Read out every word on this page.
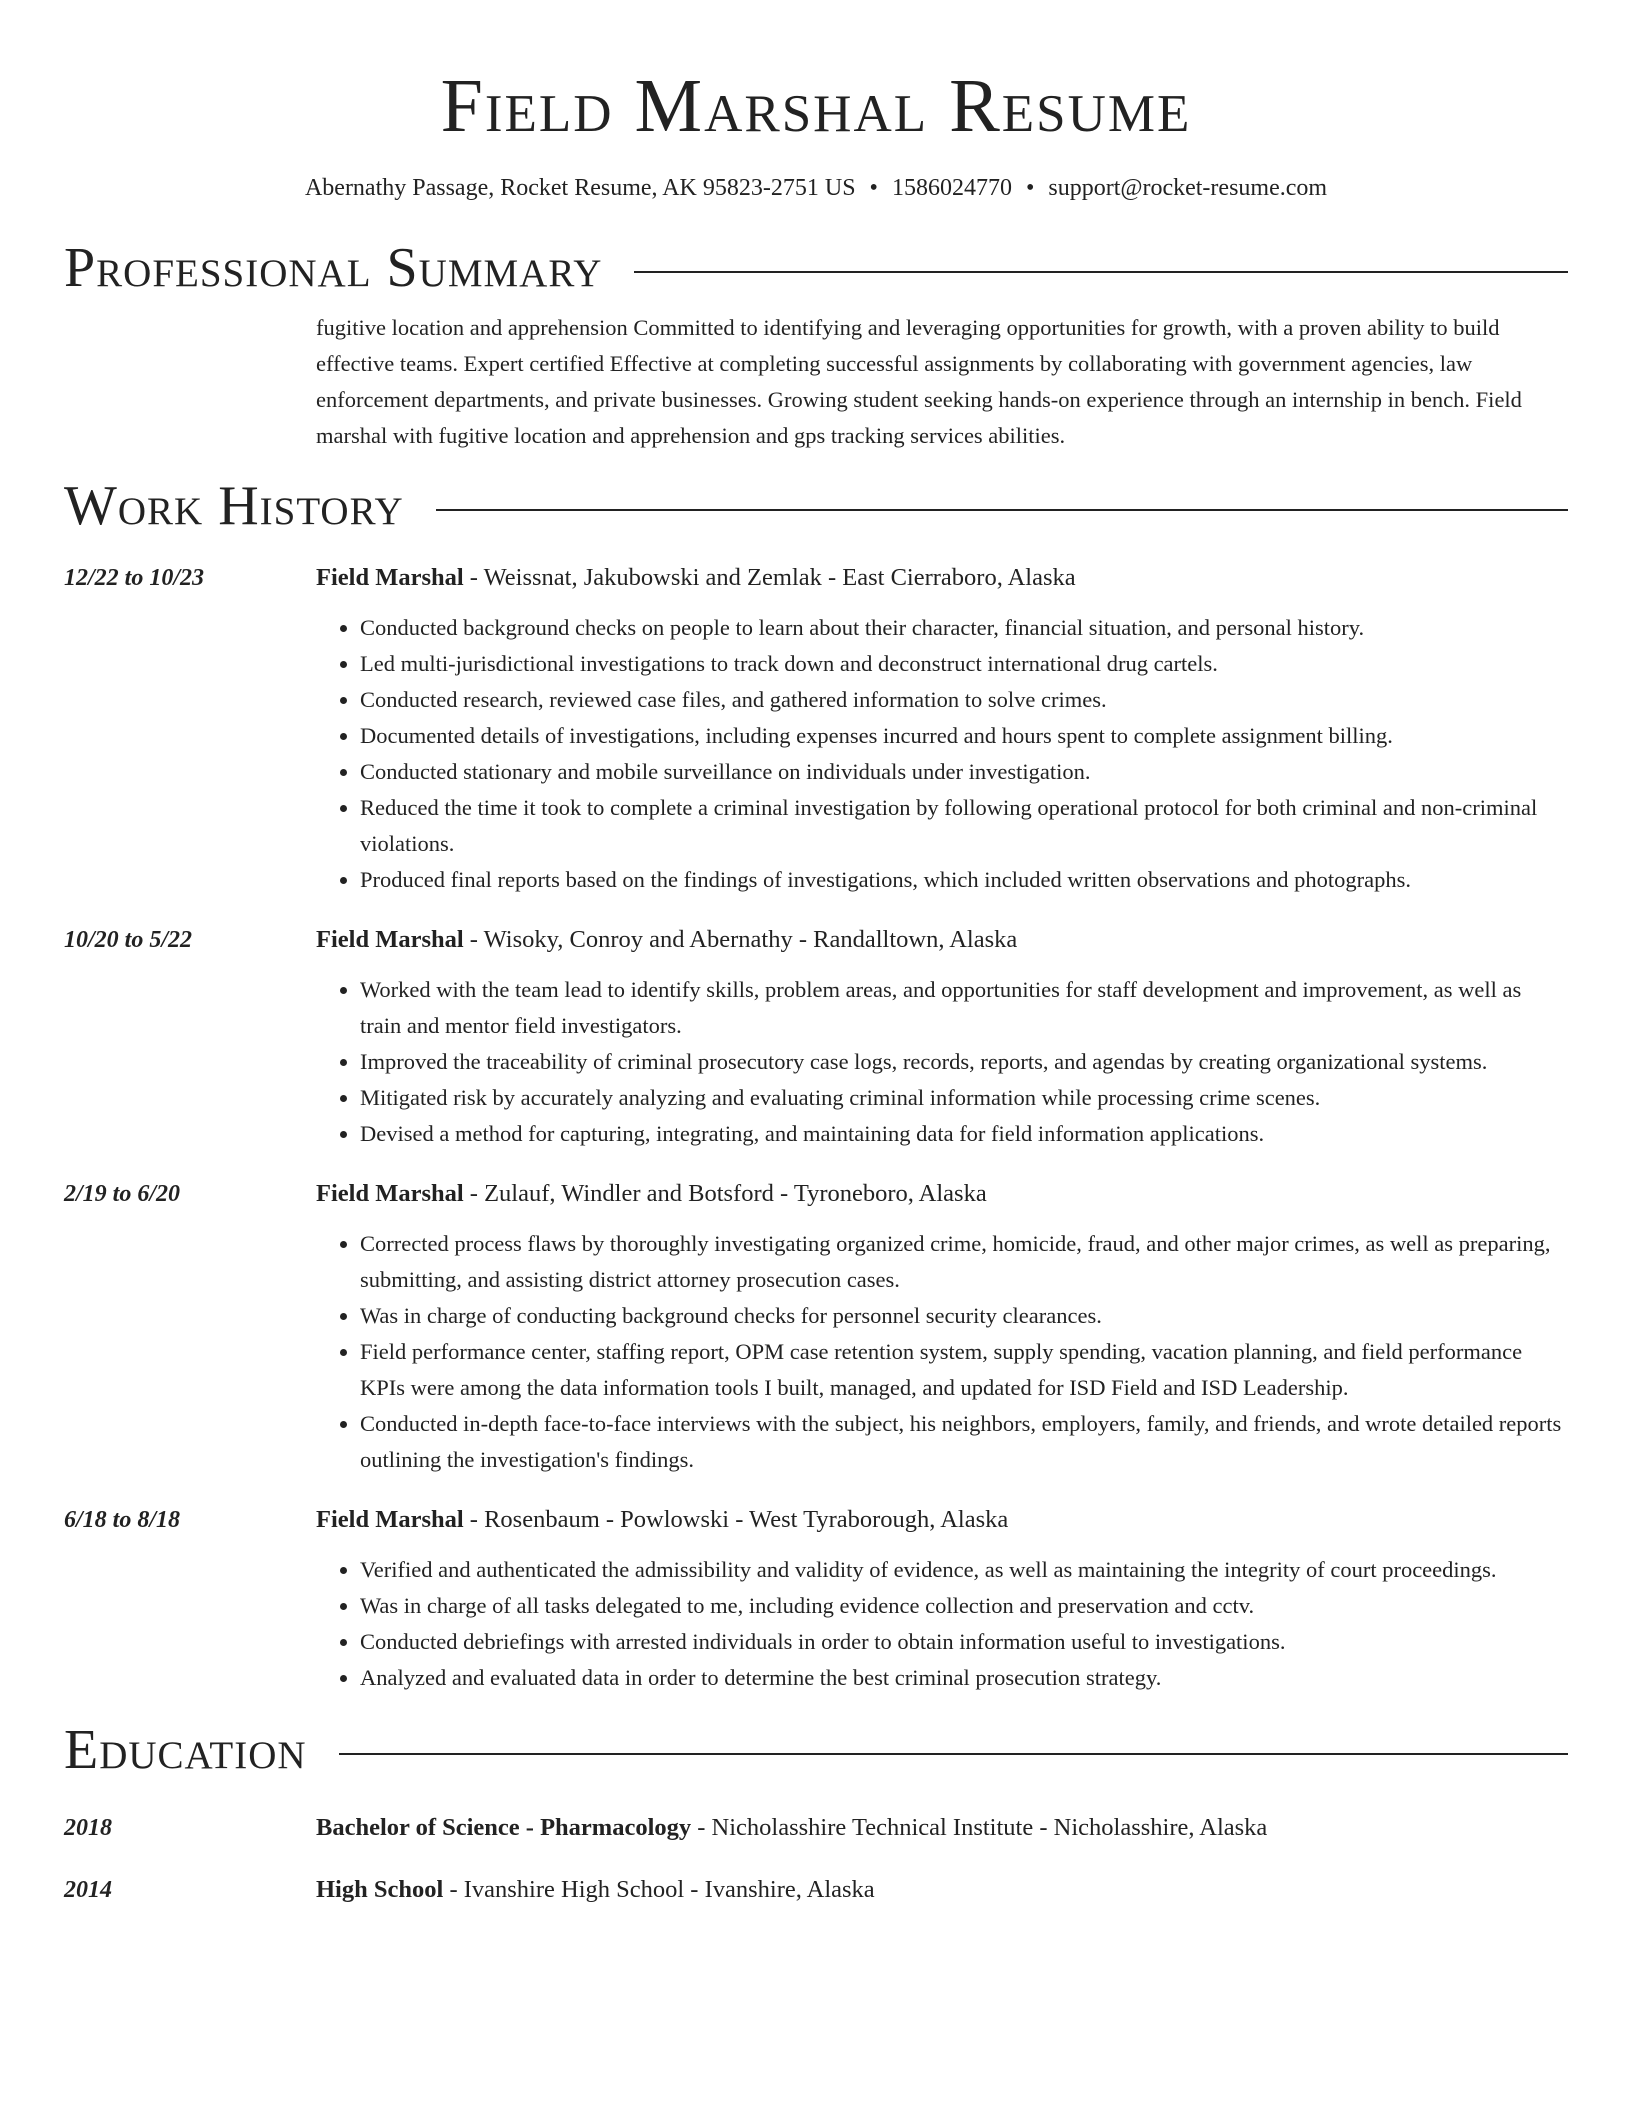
Field Marshal Resume
Abernathy Passage, Rocket Resume, AK 95823-2751 US • 1586024770 • support@rocket-resume.com
Professional Summary
fugitive location and apprehension Committed to identifying and leveraging opportunities for growth, with a proven ability to build effective teams. Expert certified Effective at completing successful assignments by collaborating with government agencies, law enforcement departments, and private businesses. Growing student seeking hands-on experience through an internship in bench. Field marshal with fugitive location and apprehension and gps tracking services abilities.
Work History
12/22 to 10/23	Field Marshal - Weissnat, Jakubowski and Zemlak - East Cierraboro, Alaska
• Conducted background checks on people to learn about their character, financial situation, and personal history.
• Led multi-jurisdictional investigations to track down and deconstruct international drug cartels.
• Conducted research, reviewed case files, and gathered information to solve crimes.
• Documented details of investigations, including expenses incurred and hours spent to complete assignment billing.
• Conducted stationary and mobile surveillance on individuals under investigation.
• Reduced the time it took to complete a criminal investigation by following operational protocol for both criminal and non-criminal violations.
• Produced final reports based on the findings of investigations, which included written observations and photographs.
10/20 to 5/22	Field Marshal - Wisoky, Conroy and Abernathy - Randalltown, Alaska
• Worked with the team lead to identify skills, problem areas, and opportunities for staff development and improvement, as well as train and mentor field investigators.
• Improved the traceability of criminal prosecutory case logs, records, reports, and agendas by creating organizational systems.
• Mitigated risk by accurately analyzing and evaluating criminal information while processing crime scenes.
• Devised a method for capturing, integrating, and maintaining data for field information applications.
2/19 to 6/20	Field Marshal - Zulauf, Windler and Botsford - Tyroneboro, Alaska
• Corrected process flaws by thoroughly investigating organized crime, homicide, fraud, and other major crimes, as well as preparing, submitting, and assisting district attorney prosecution cases.
• Was in charge of conducting background checks for personnel security clearances.
• Field performance center, staffing report, OPM case retention system, supply spending, vacation planning, and field performance KPIs were among the data information tools I built, managed, and updated for ISD Field and ISD Leadership.
• Conducted in-depth face-to-face interviews with the subject, his neighbors, employers, family, and friends, and wrote detailed reports outlining the investigation's findings.
6/18 to 8/18	Field Marshal - Rosenbaum - Powlowski - West Tyraborough, Alaska
• Verified and authenticated the admissibility and validity of evidence, as well as maintaining the integrity of court proceedings.
• Was in charge of all tasks delegated to me, including evidence collection and preservation and cctv.
• Conducted debriefings with arrested individuals in order to obtain information useful to investigations.
• Analyzed and evaluated data in order to determine the best criminal prosecution strategy.
Education
2018	Bachelor of Science - Pharmacology - Nicholasshire Technical Institute - Nicholasshire, Alaska
2014	High School - Ivanshire High School - Ivanshire, Alaska
